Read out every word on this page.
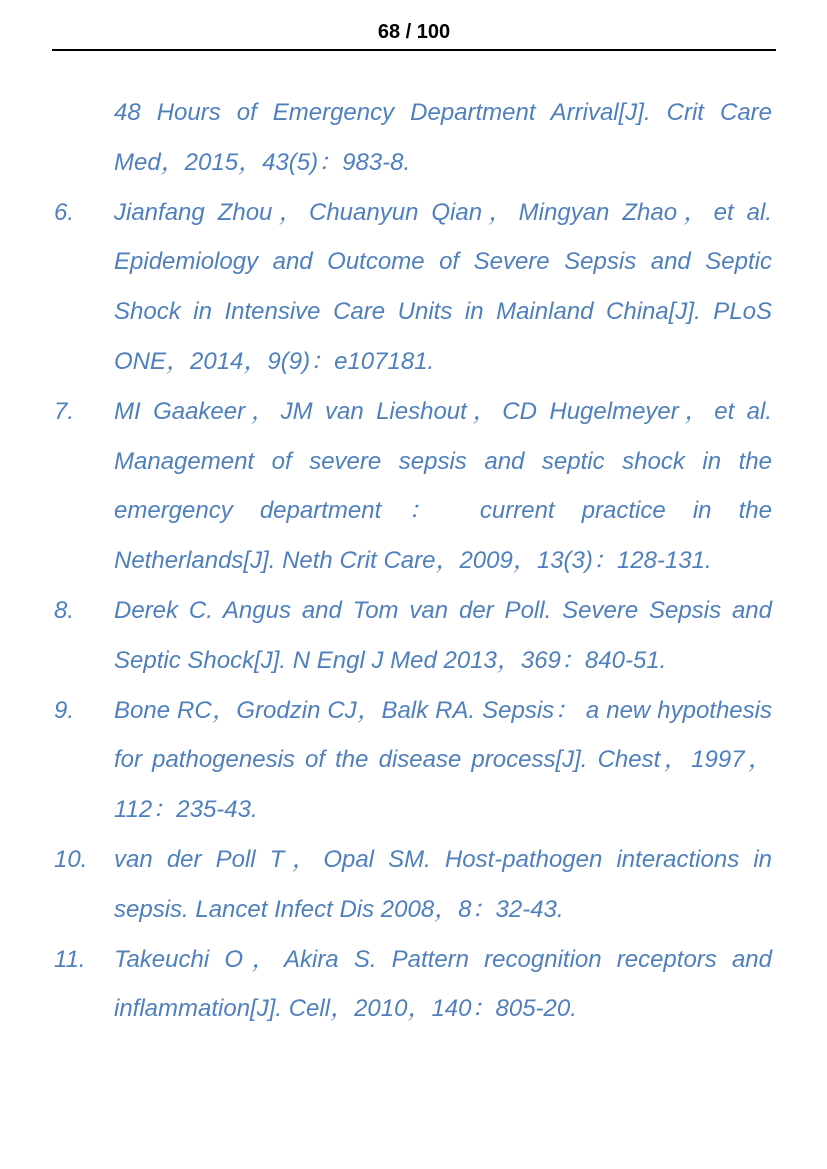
68 / 100
48 Hours of Emergency Department Arrival[J]. Crit Care Med，2015，43(5)：983-8.
6. Jianfang Zhou，Chuanyun Qian，Mingyan Zhao，et al. Epidemiology and Outcome of Severe Sepsis and Septic Shock in Intensive Care Units in Mainland China[J]. PLoS ONE，2014，9(9)：e107181.
7. MI Gaakeer，JM van Lieshout，CD Hugelmeyer，et al. Management of severe sepsis and septic shock in the emergency department ： current practice in the Netherlands[J]. Neth Crit Care，2009，13(3)：128-131.
8. Derek C. Angus and Tom van der Poll. Severe Sepsis and Septic Shock[J]. N Engl J Med 2013，369：840-51.
9. Bone RC，Grodzin CJ，Balk RA. Sepsis： a new hypothesis for pathogenesis of the disease process[J]. Chest，1997，112：235-43.
10. van der Poll T，Opal SM. Host-pathogen interactions in sepsis. Lancet Infect Dis 2008，8：32-43.
11. Takeuchi O，Akira S. Pattern recognition receptors and inflammation[J]. Cell，2010，140：805-20.
